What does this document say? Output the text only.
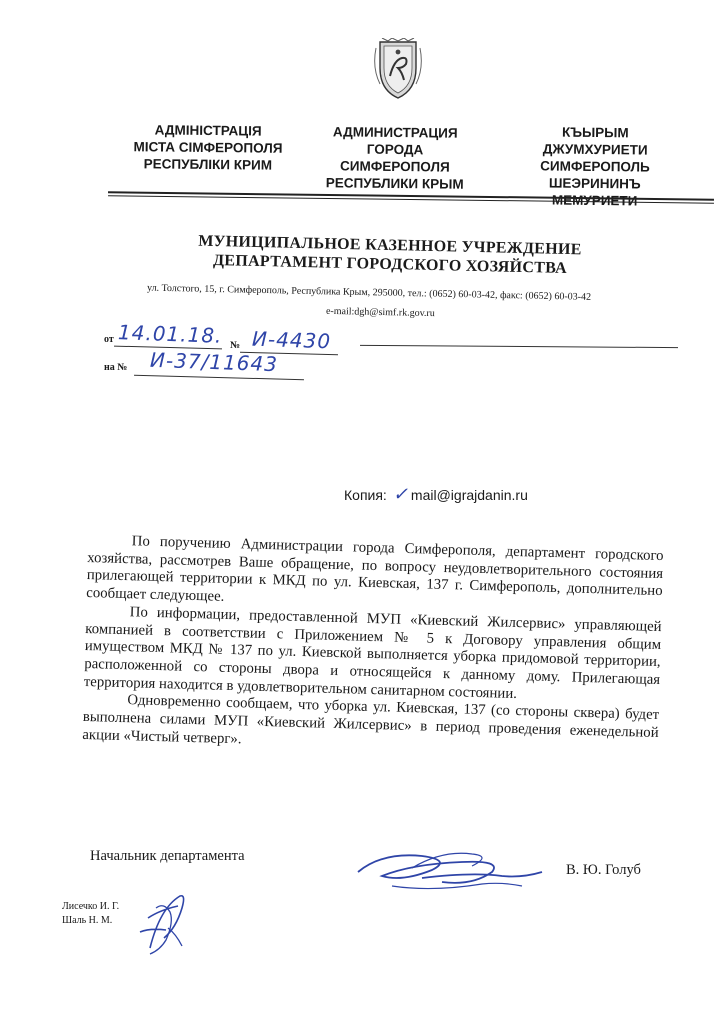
АДМІНІСТРАЦІЯ
МІСТА СІМФЕРОПОЛЯ
РЕСПУБЛІКИ КРИМ
АДМИНИСТРАЦИЯ
ГОРОДА
СИМФЕРОПОЛЯ
РЕСПУБЛИКИ КРЫМ
КЪЫРЫМ
ДЖУМХУРИЕТИ
СИМФЕРОПОЛЬ
ШЕЭРИНИНЪ
МЕМУРИЕТИ
МУНИЦИПАЛЬНОЕ КАЗЕННОЕ УЧРЕЖДЕНИЕ
ДЕПАРТАМЕНТ ГОРОДСКОГО ХОЗЯЙСТВА
ул. Толстого, 15, г. Симферополь, Республика Крым, 295000, тел.: (0652) 60-03-42, факс: (0652) 60-03-42
e-mail:dgh@simf.rk.gov.ru
от
№
на №
14.01.18. И-4430
И-37/11643
Копия: ✓ mail@igrajdanin.ru

По поручению Администрации города Симферополя, департамент городского хозяйства, рассмотрев Ваше обращение, по вопросу неудовлетворительного состояния прилегающей территории к МКД по ул. Киевская, 137 г. Симферополь, дополнительно сообщает следующее.

По информации, предоставленной МУП «Киевский Жилсервис» управляющей компанией в соответствии с Приложением № 5 к Договору управления общим имуществом МКД № 137 по ул. Киевской выполняется уборка придомовой территории, расположенной со стороны двора и относящейся к данному дому. Прилегающая территория находится в удовлетворительном санитарном состоянии.

Одновременно сообщаем, что уборка ул. Киевская, 137 (со стороны сквера) будет выполнена силами МУП «Киевский Жилсервис» в период проведения еженедельной акции «Чистый четверг».

Начальник департамента
В. Ю. Голуб
Лисечко И. Г.
Шаль Н. М.
